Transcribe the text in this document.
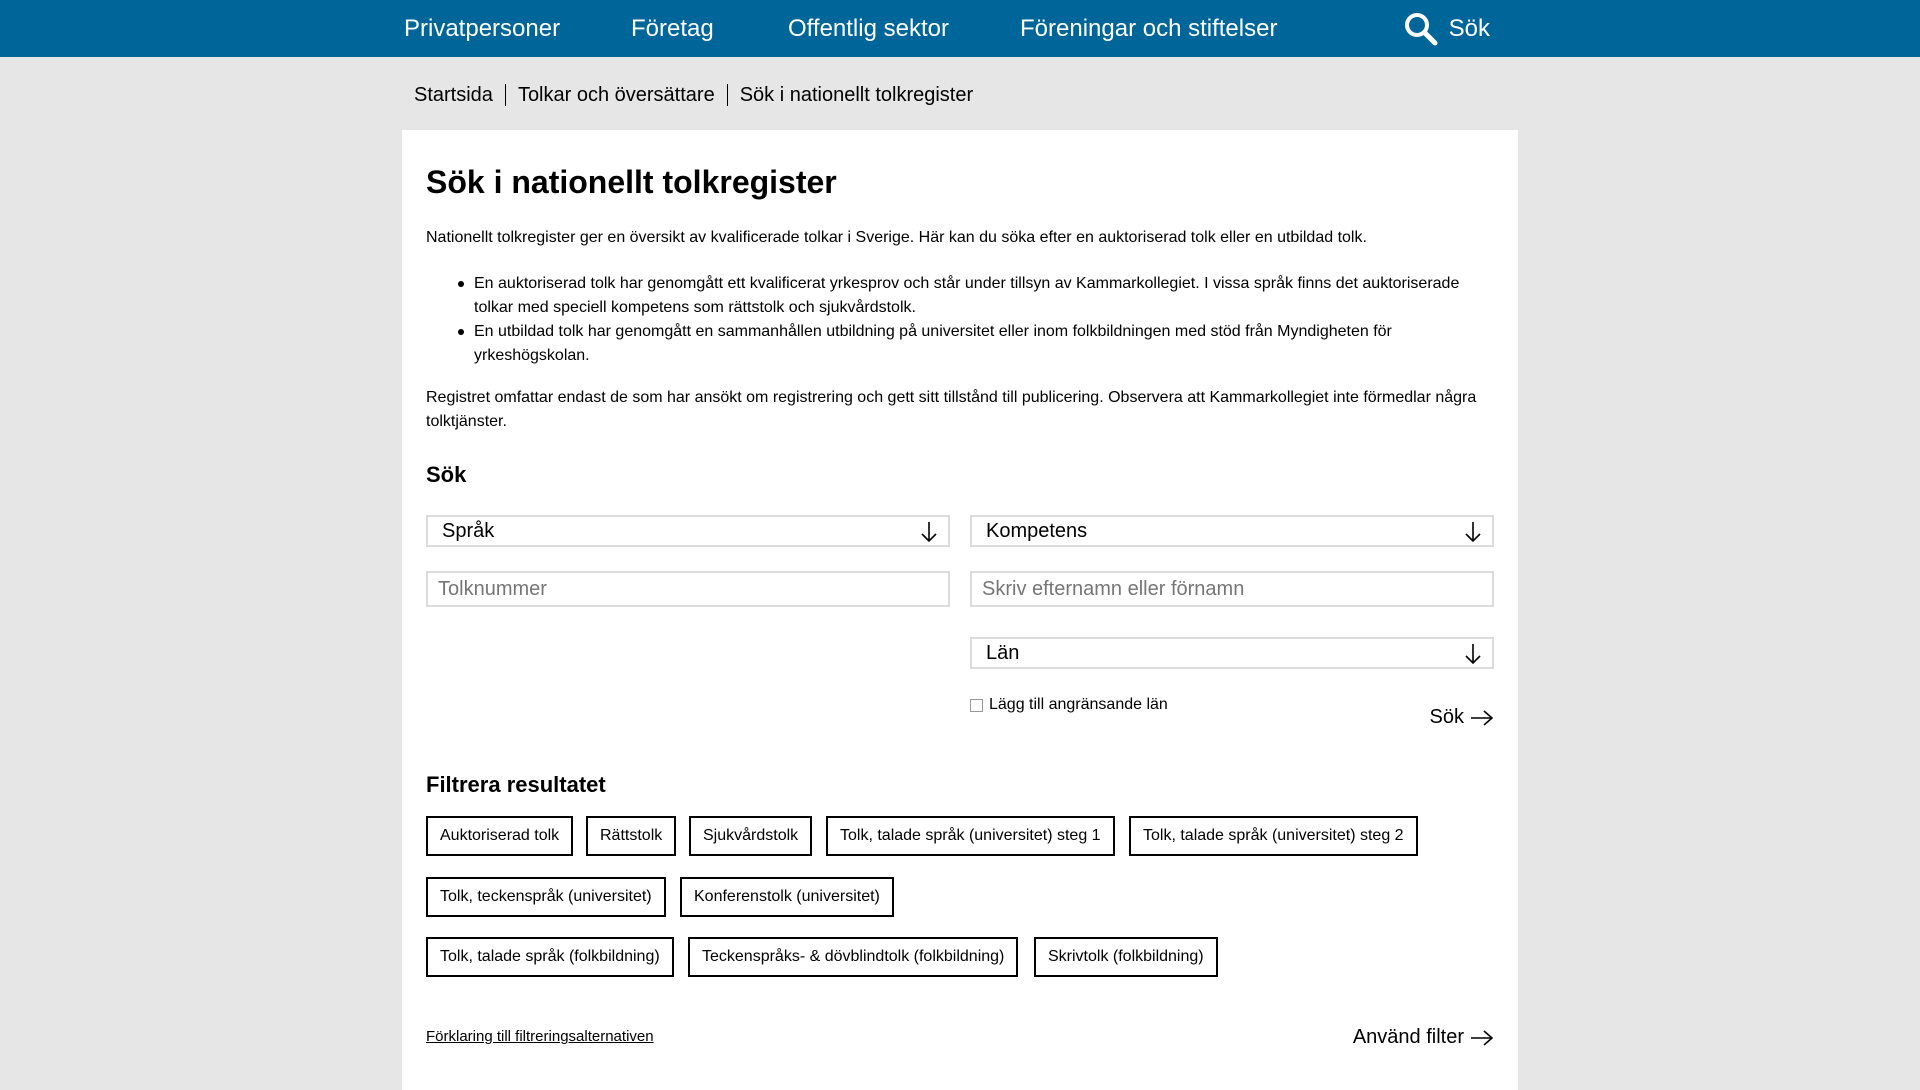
Privatpersoner	Företag	Offentlig sektor	Föreningar och stiftelser	Sök
Startsida Tolkar och översättare Sök i nationellt tolkregister
Sök i nationellt tolkregister

Nationellt tolkregister ger en översikt av kvalificerade tolkar i Sverige. Här kan du söka efter en auktoriserad tolk eller en utbildad tolk.

En auktoriserad tolk har genomgått ett kvalificerat yrkesprov och står under tillsyn av Kammarkollegiet. I vissa språk finns det auktoriserade tolkar med speciell kompetens som rättstolk och sjukvårdstolk.
En utbildad tolk har genomgått en sammanhållen utbildning på universitet eller inom folkbildningen med stöd från Myndigheten för yrkeshögskolan.

Registret omfattar endast de som har ansökt om registrering och gett sitt tillstånd till publicering. Observera att Kammarkollegiet inte förmedlar några tolktjänster.

Sök
Språk	Kompetens
Tolknummer
Skriv efternamn eller förnamn
Län
Lägg till angränsande län
Sök
Filtrera resultatet
Auktoriserad tolk	Rättstolk	Sjukvårdstolk	Tolk, talade språk (universitet) steg 1	Tolk, talade språk (universitet) steg 2
Tolk, teckenspråk (universitet)	Konferenstolk (universitet)
Tolk, talade språk (folkbildning)	Teckenspråks- & dövblindtolk (folkbildning)	Skrivtolk (folkbildning)
Förklaring till filtreringsalternativen	Använd filter
